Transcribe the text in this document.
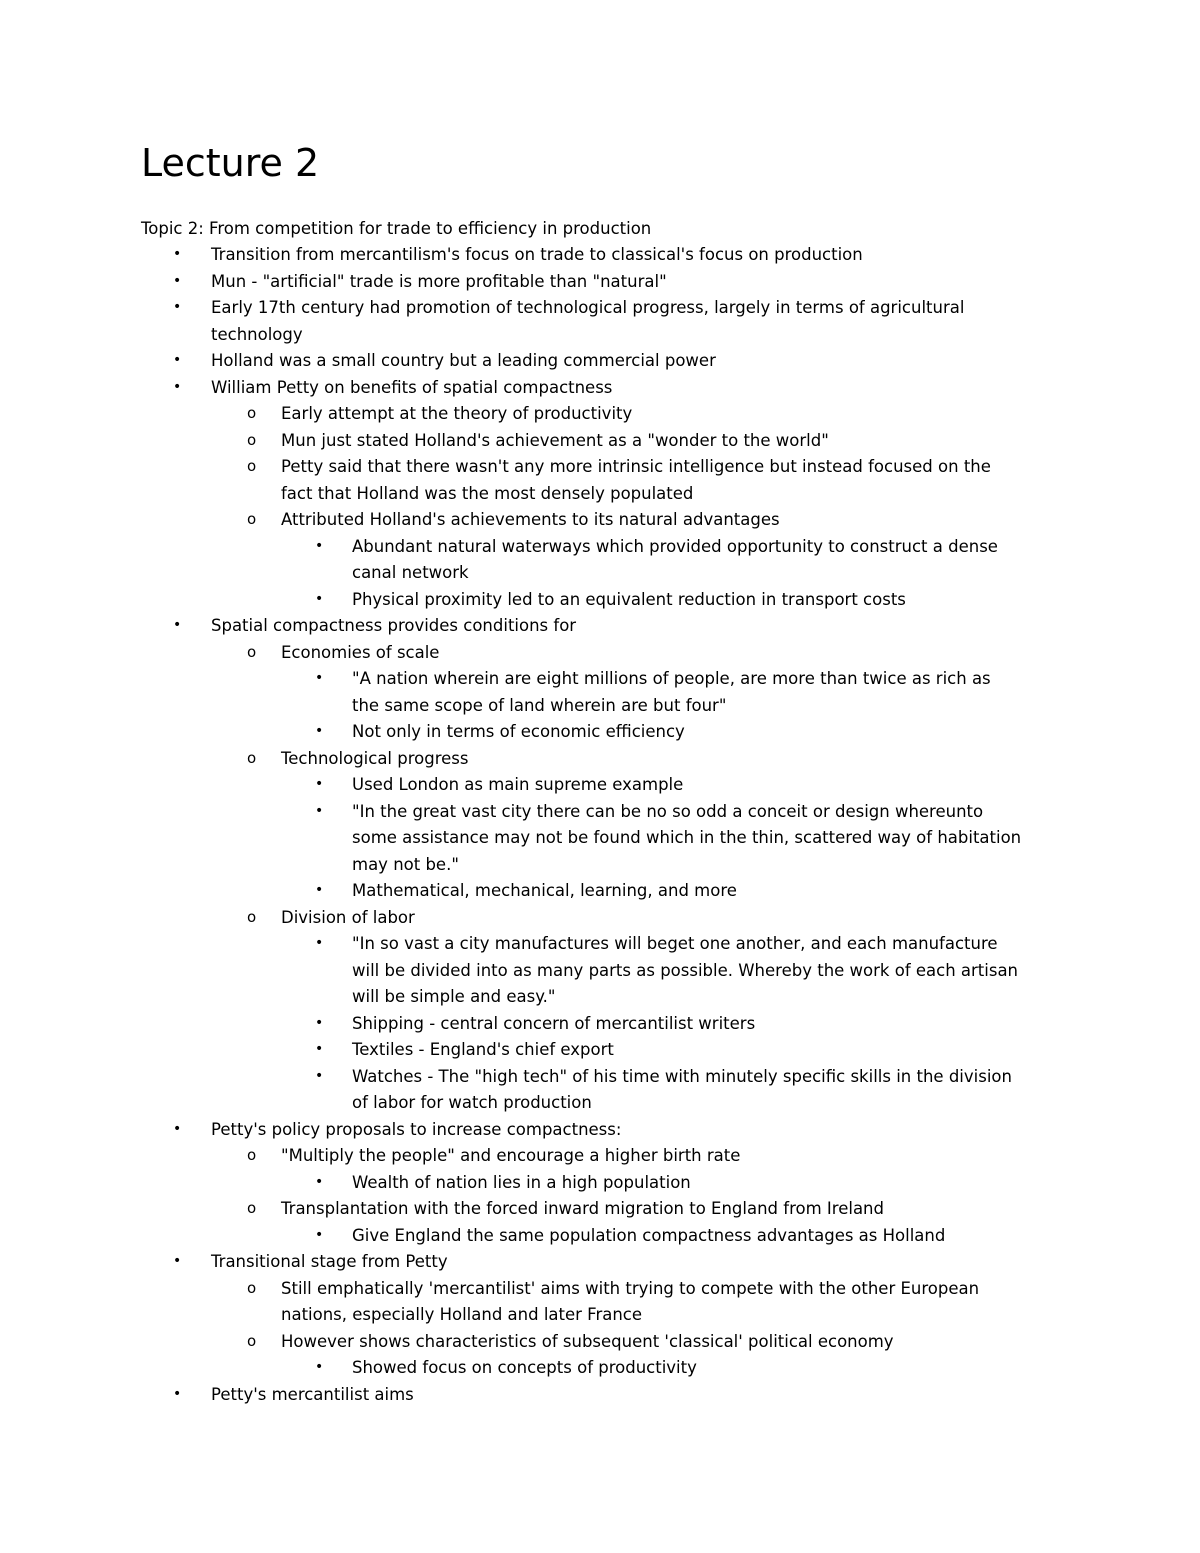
Lecture 2

Topic 2: From competition for trade to efficiency in production

• Transition from mercantilism's focus on trade to classical's focus on production
• Mun - "artificial" trade is more profitable than "natural"
• Early 17th century had promotion of technological progress, largely in terms of agricultural
technology
• Holland was a small country but a leading commercial power
• William Petty on benefits of spatial compactness
o Early attempt at the theory of productivity
o Mun just stated Holland's achievement as a "wonder to the world"
o Petty said that there wasn't any more intrinsic intelligence but instead focused on the
fact that Holland was the most densely populated
o Attributed Holland's achievements to its natural advantages
• Abundant natural waterways which provided opportunity to construct a dense
canal network
• Physical proximity led to an equivalent reduction in transport costs
• Spatial compactness provides conditions for
o Economies of scale
• "A nation wherein are eight millions of people, are more than twice as rich as
the same scope of land wherein are but four"
• Not only in terms of economic efficiency
o Technological progress
• Used London as main supreme example
• "In the great vast city there can be no so odd a conceit or design whereunto
some assistance may not be found which in the thin, scattered way of habitation
may not be."
• Mathematical, mechanical, learning, and more
o Division of labor
• "In so vast a city manufactures will beget one another, and each manufacture
will be divided into as many parts as possible. Whereby the work of each artisan
will be simple and easy."
• Shipping - central concern of mercantilist writers
• Textiles - England's chief export
• Watches - The "high tech" of his time with minutely specific skills in the division
of labor for watch production
• Petty's policy proposals to increase compactness:
o "Multiply the people" and encourage a higher birth rate
• Wealth of nation lies in a high population
o Transplantation with the forced inward migration to England from Ireland
• Give England the same population compactness advantages as Holland
• Transitional stage from Petty
o Still emphatically 'mercantilist' aims with trying to compete with the other European
nations, especially Holland and later France
o However shows characteristics of subsequent 'classical' political economy
• Showed focus on concepts of productivity
• Petty's mercantilist aims
